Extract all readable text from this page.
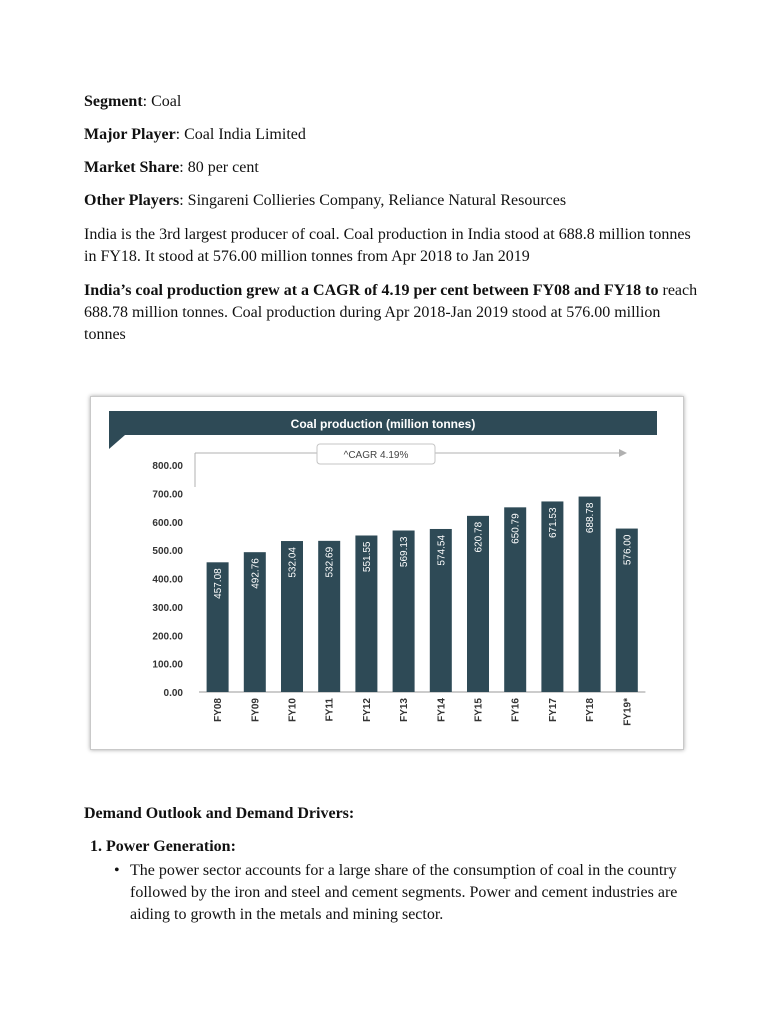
Segment: Coal
Major Player: Coal India Limited
Market Share: 80 per cent
Other Players: Singareni Collieries Company, Reliance Natural Resources
India is the 3rd largest producer of coal. Coal production in India stood at 688.8 million tonnes in FY18. It stood at 576.00 million tonnes from Apr 2018 to Jan 2019
India’s coal production grew at a CAGR of 4.19 per cent between FY08 and FY18 to reach 688.78 million tonnes. Coal production during Apr 2018-Jan 2019 stood at 576.00 million tonnes
Coal production (million tonnes)
0.00
100.00
200.00
300.00
400.00
500.00
600.00
700.00
800.00
^CAGR 4.19%
457.08
FY08
492.76
FY09
532.04
FY10
532.69
FY11
551.55
FY12
569.13
FY13
574.54
FY14
620.78
FY15
650.79
FY16
671.53
FY17
688.78
FY18
576.00
FY19*
Demand Outlook and Demand Drivers:
1. Power Generation:
• The power sector accounts for a large share of the consumption of coal in the country followed by the iron and steel and cement segments. Power and cement industries are aiding to growth in the metals and mining sector.
